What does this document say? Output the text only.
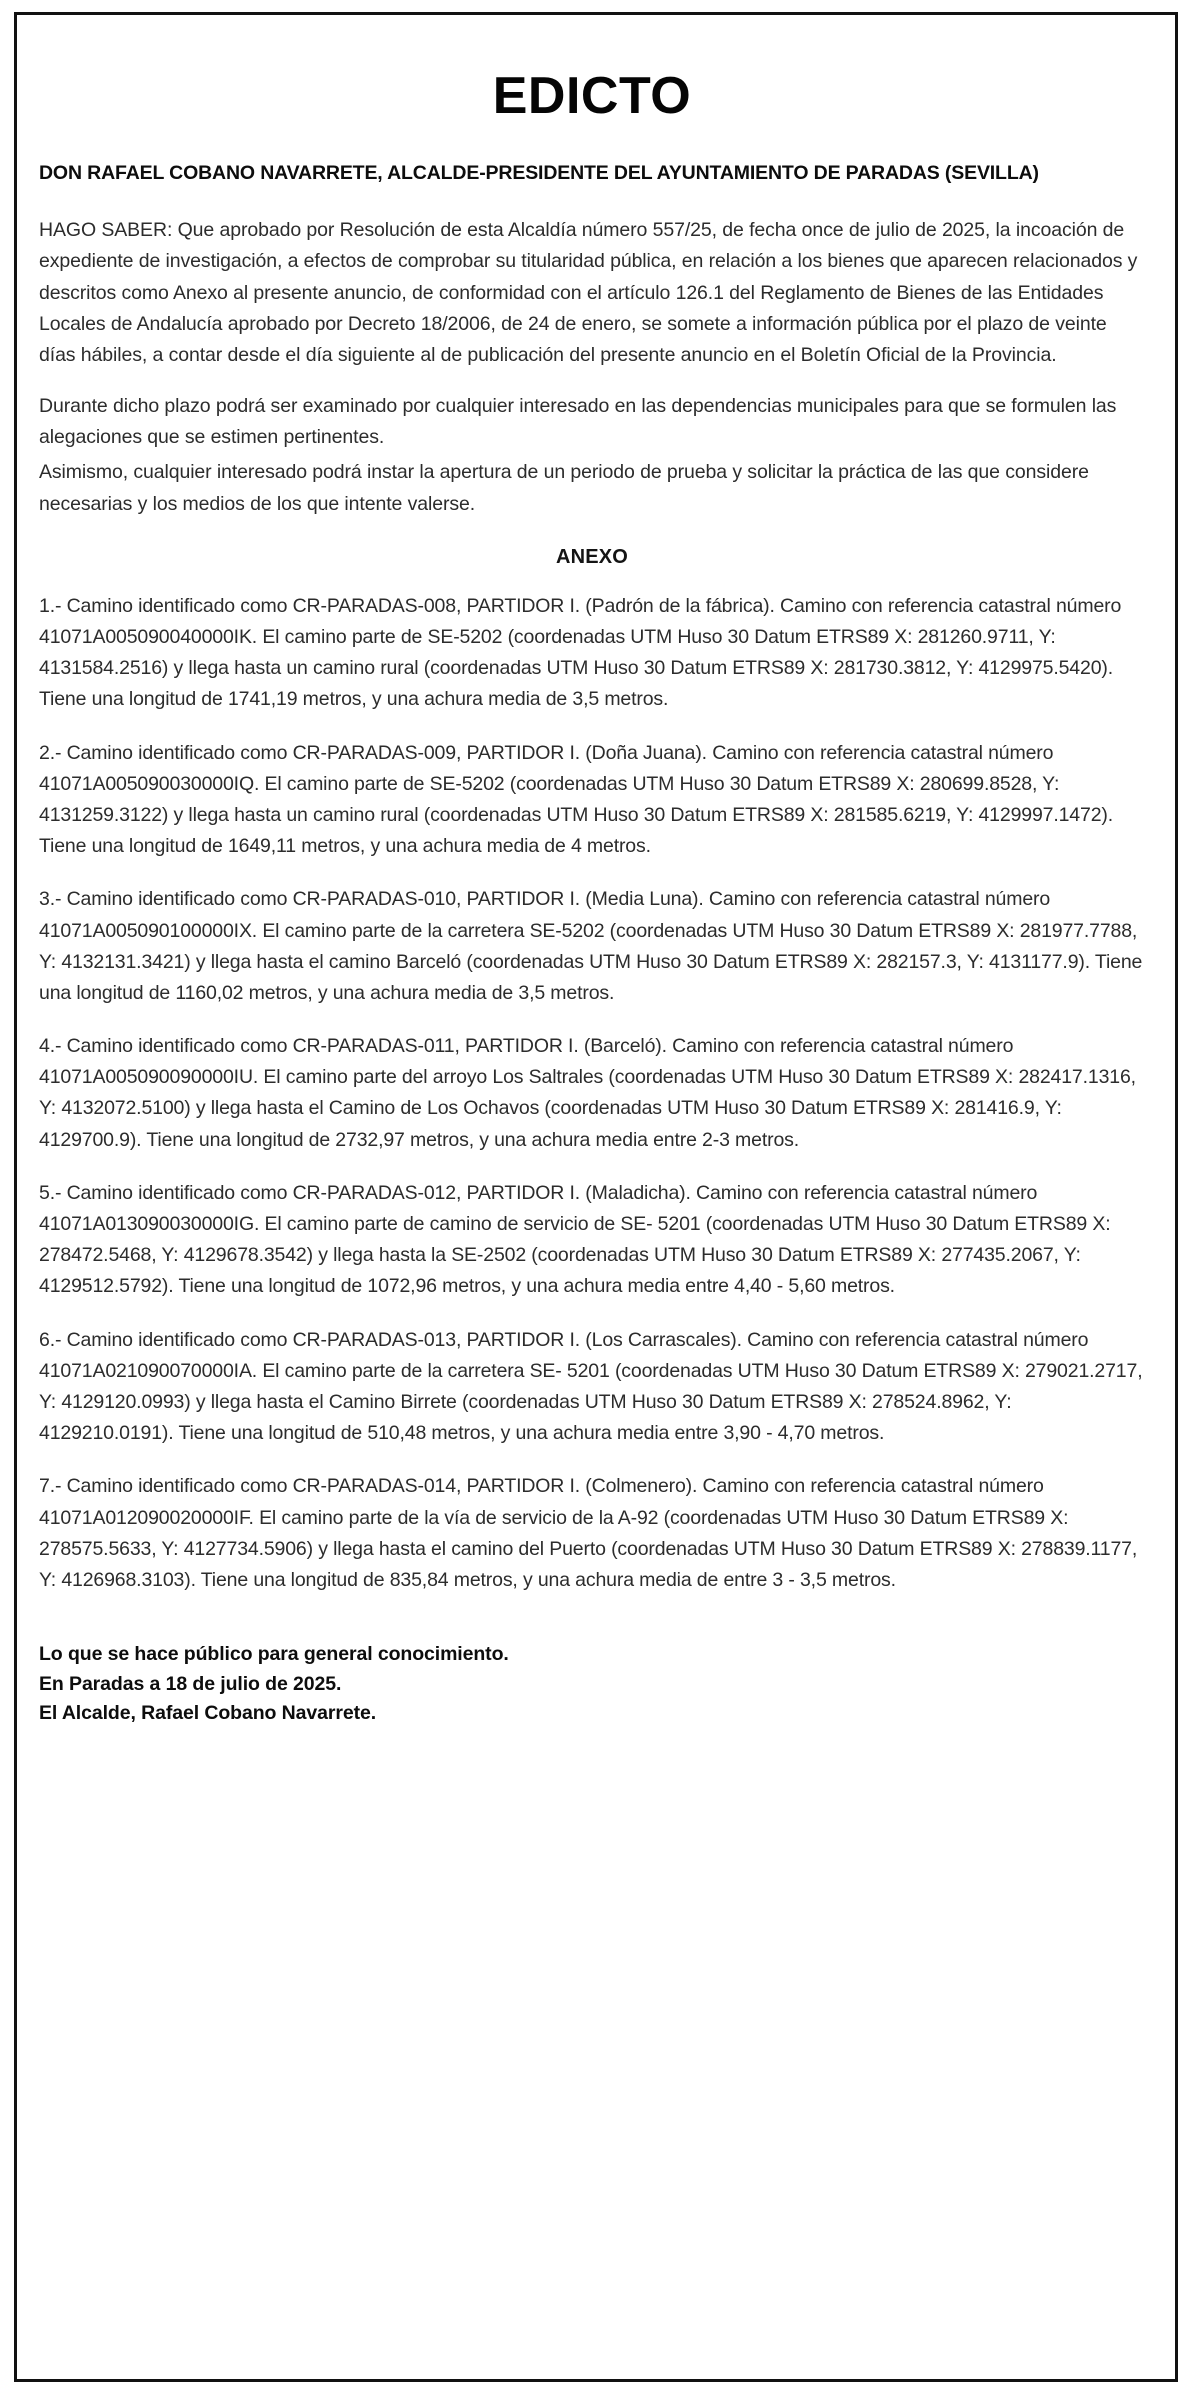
EDICTO

DON RAFAEL COBANO NAVARRETE, ALCALDE-PRESIDENTE DEL AYUNTAMIENTO DE PARADAS (SEVILLA)

HAGO SABER: Que aprobado por Resolución de esta Alcaldía número 557/25, de fecha once de julio de 2025, la incoación de expediente de investigación, a efectos de comprobar su titularidad pública, en relación a los bienes que aparecen relacionados y descritos como Anexo al presente anuncio, de conformidad con el artículo 126.1 del Reglamento de Bienes de las Entidades Locales de Andalucía aprobado por Decreto 18/2006, de 24 de enero, se somete a información pública por el plazo de veinte días hábiles, a contar desde el día siguiente al de publicación del presente anuncio en el Boletín Oficial de la Provincia.

Durante dicho plazo podrá ser examinado por cualquier interesado en las dependencias municipales para que se formulen las alegaciones que se estimen pertinentes.

Asimismo, cualquier interesado podrá instar la apertura de un periodo de prueba y solicitar la práctica de las que considere necesarias y los medios de los que intente valerse.

ANEXO

1.- Camino identificado como CR-PARADAS-008, PARTIDOR I. (Padrón de la fábrica). Camino con referencia catastral número 41071A005090040000IK. El camino parte de SE-5202 (coordenadas UTM Huso 30 Datum ETRS89 X: 281260.9711, Y: 4131584.2516) y llega hasta un camino rural (coordenadas UTM Huso 30 Datum ETRS89 X: 281730.3812, Y: 4129975.5420). Tiene una longitud de 1741,19 metros, y una achura media de 3,5 metros.

2.- Camino identificado como CR-PARADAS-009, PARTIDOR I. (Doña Juana). Camino con referencia catastral número 41071A005090030000IQ. El camino parte de SE-5202 (coordenadas UTM Huso 30 Datum ETRS89 X: 280699.8528, Y: 4131259.3122) y llega hasta un camino rural (coordenadas UTM Huso 30 Datum ETRS89 X: 281585.6219, Y: 4129997.1472). Tiene una longitud de 1649,11 metros, y una achura media de 4 metros.

3.- Camino identificado como CR-PARADAS-010, PARTIDOR I. (Media Luna). Camino con referencia catastral número 41071A005090100000IX. El camino parte de la carretera SE-5202 (coordenadas UTM Huso 30 Datum ETRS89 X: 281977.7788, Y: 4132131.3421) y llega hasta el camino Barceló (coordenadas UTM Huso 30 Datum ETRS89 X: 282157.3, Y: 4131177.9). Tiene una longitud de 1160,02 metros, y una achura media de 3,5 metros.

4.- Camino identificado como CR-PARADAS-011, PARTIDOR I. (Barceló). Camino con referencia catastral número 41071A005090090000IU. El camino parte del arroyo Los Saltrales (coordenadas UTM Huso 30 Datum ETRS89 X: 282417.1316, Y: 4132072.5100) y llega hasta el Camino de Los Ochavos (coordenadas UTM Huso 30 Datum ETRS89 X: 281416.9, Y: 4129700.9). Tiene una longitud de 2732,97 metros, y una achura media entre 2-3 metros.

5.- Camino identificado como CR-PARADAS-012, PARTIDOR I. (Maladicha). Camino con referencia catastral número 41071A013090030000IG. El camino parte de camino de servicio de SE- 5201 (coordenadas UTM Huso 30 Datum ETRS89 X: 278472.5468, Y: 4129678.3542) y llega hasta la SE-2502 (coordenadas UTM Huso 30 Datum ETRS89 X: 277435.2067, Y: 4129512.5792). Tiene una longitud de 1072,96 metros, y una achura media entre 4,40 - 5,60 metros.

6.- Camino identificado como CR-PARADAS-013, PARTIDOR I. (Los Carrascales). Camino con referencia catastral número 41071A021090070000IA. El camino parte de la carretera SE- 5201 (coordenadas UTM Huso 30 Datum ETRS89 X: 279021.2717, Y: 4129120.0993) y llega hasta el Camino Birrete (coordenadas UTM Huso 30 Datum ETRS89 X: 278524.8962, Y: 4129210.0191). Tiene una longitud de 510,48 metros, y una achura media entre 3,90 - 4,70 metros.

7.- Camino identificado como CR-PARADAS-014, PARTIDOR I. (Colmenero). Camino con referencia catastral número 41071A012090020000IF. El camino parte de la vía de servicio de la A-92 (coordenadas UTM Huso 30 Datum ETRS89 X: 278575.5633, Y: 4127734.5906) y llega hasta el camino del Puerto (coordenadas UTM Huso 30 Datum ETRS89 X: 278839.1177, Y: 4126968.3103). Tiene una longitud de 835,84 metros, y una achura media de entre 3 - 3,5 metros.

Lo que se hace público para general conocimiento.
En Paradas a 18 de julio de 2025.
El Alcalde, Rafael Cobano Navarrete.
